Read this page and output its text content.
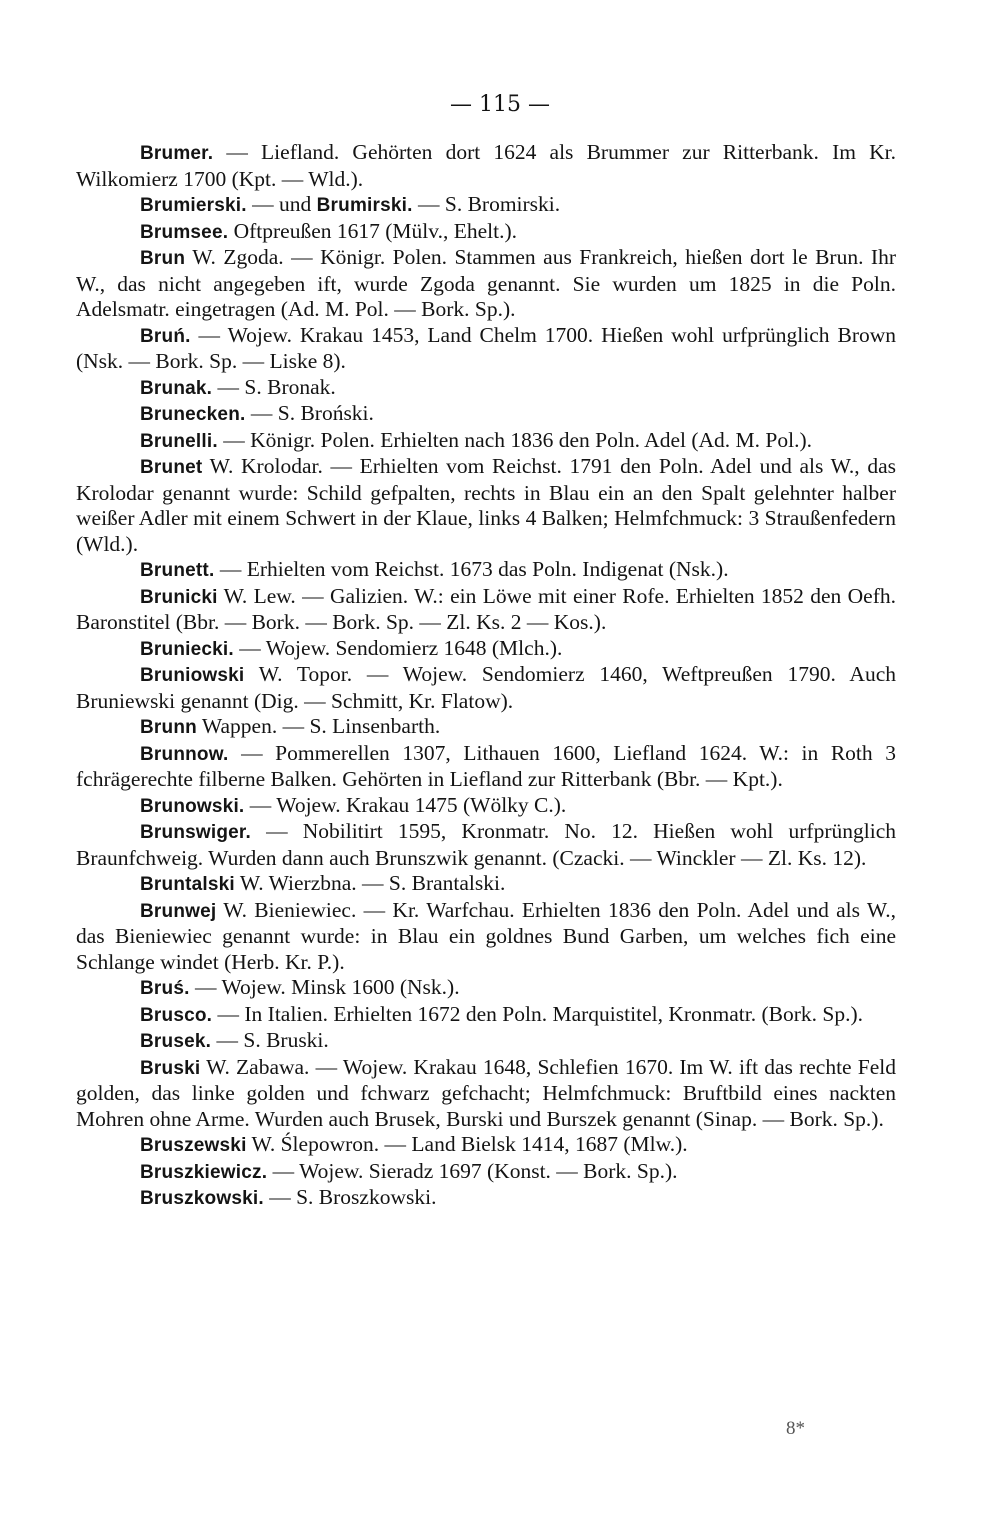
— 115 —

Brumer. — Liefland. Gehörten dort 1624 als Brummer zur Ritterbank. Im Kr. Wilkomierz 1700 (Kpt. — Wld.).

Brumierski. — und Brumirski. — S. Bromirski.

Brumsee. Oftpreußen 1617 (Mülv., Ehelt.).

Brun W. Zgoda. — Königr. Polen. Stammen aus Frankreich, hießen dort le Brun. Ihr W., das nicht angegeben ift, wurde Zgoda genannt. Sie wurden um 1825 in die Poln. Adelsmatr. eingetragen (Ad. M. Pol. — Bork. Sp.).

Bruń. — Wojew. Krakau 1453, Land Chelm 1700. Hießen wohl urfprünglich Brown (Nsk. — Bork. Sp. — Liske 8).

Brunak. — S. Bronak.

Brunecken. — S. Broński.

Brunelli. — Königr. Polen. Erhielten nach 1836 den Poln. Adel (Ad. M. Pol.).

Brunet W. Krolodar. — Erhielten vom Reichst. 1791 den Poln. Adel und als W., das Krolodar genannt wurde: Schild gefpalten, rechts in Blau ein an den Spalt gelehnter halber weißer Adler mit einem Schwert in der Klaue, links 4 Balken; Helmfchmuck: 3 Straußenfedern (Wld.).

Brunett. — Erhielten vom Reichst. 1673 das Poln. Indigenat (Nsk.).

Brunicki W. Lew. — Galizien. W.: ein Löwe mit einer Rofe. Erhielten 1852 den Oefh. Baronstitel (Bbr. — Bork. — Bork. Sp. — Zl. Ks. 2 — Kos.).

Bruniecki. — Wojew. Sendomierz 1648 (Mlch.).

Bruniowski W. Topor. — Wojew. Sendomierz 1460, Weftpreußen 1790. Auch Bruniewski genannt (Dig. — Schmitt, Kr. Flatow).

Brunn Wappen. — S. Linsenbarth.

Brunnow. — Pommerellen 1307, Lithauen 1600, Liefland 1624. W.: in Roth 3 fchrägerechte filberne Balken. Gehörten in Liefland zur Ritterbank (Bbr. — Kpt.).

Brunowski. — Wojew. Krakau 1475 (Wölky C.).

Brunswiger. — Nobilitirt 1595, Kronmatr. No. 12. Hießen wohl urfprünglich Braunfchweig. Wurden dann auch Brunszwik genannt. (Czacki. — Winckler — Zl. Ks. 12).

Bruntalski W. Wierzbna. — S. Brantalski.

Brunwej W. Bieniewiec. — Kr. Warfchau. Erhielten 1836 den Poln. Adel und als W., das Bieniewiec genannt wurde: in Blau ein goldnes Bund Garben, um welches fich eine Schlange windet (Herb. Kr. P.).

Bruś. — Wojew. Minsk 1600 (Nsk.).

Brusco. — In Italien. Erhielten 1672 den Poln. Marquistitel, Kronmatr. (Bork. Sp.).

Brusek. — S. Bruski.

Bruski W. Zabawa. — Wojew. Krakau 1648, Schlefien 1670. Im W. ift das rechte Feld golden, das linke golden und fchwarz gefchacht; Helmfchmuck: Bruftbild eines nackten Mohren ohne Arme. Wurden auch Brusek, Burski und Burszek genannt (Sinap. — Bork. Sp.).

Bruszewski W. Ślepowron. — Land Bielsk 1414, 1687 (Mlw.).

Bruszkiewicz. — Wojew. Sieradz 1697 (Konst. — Bork. Sp.).

Bruszkowski. — S. Broszkowski.

8*
